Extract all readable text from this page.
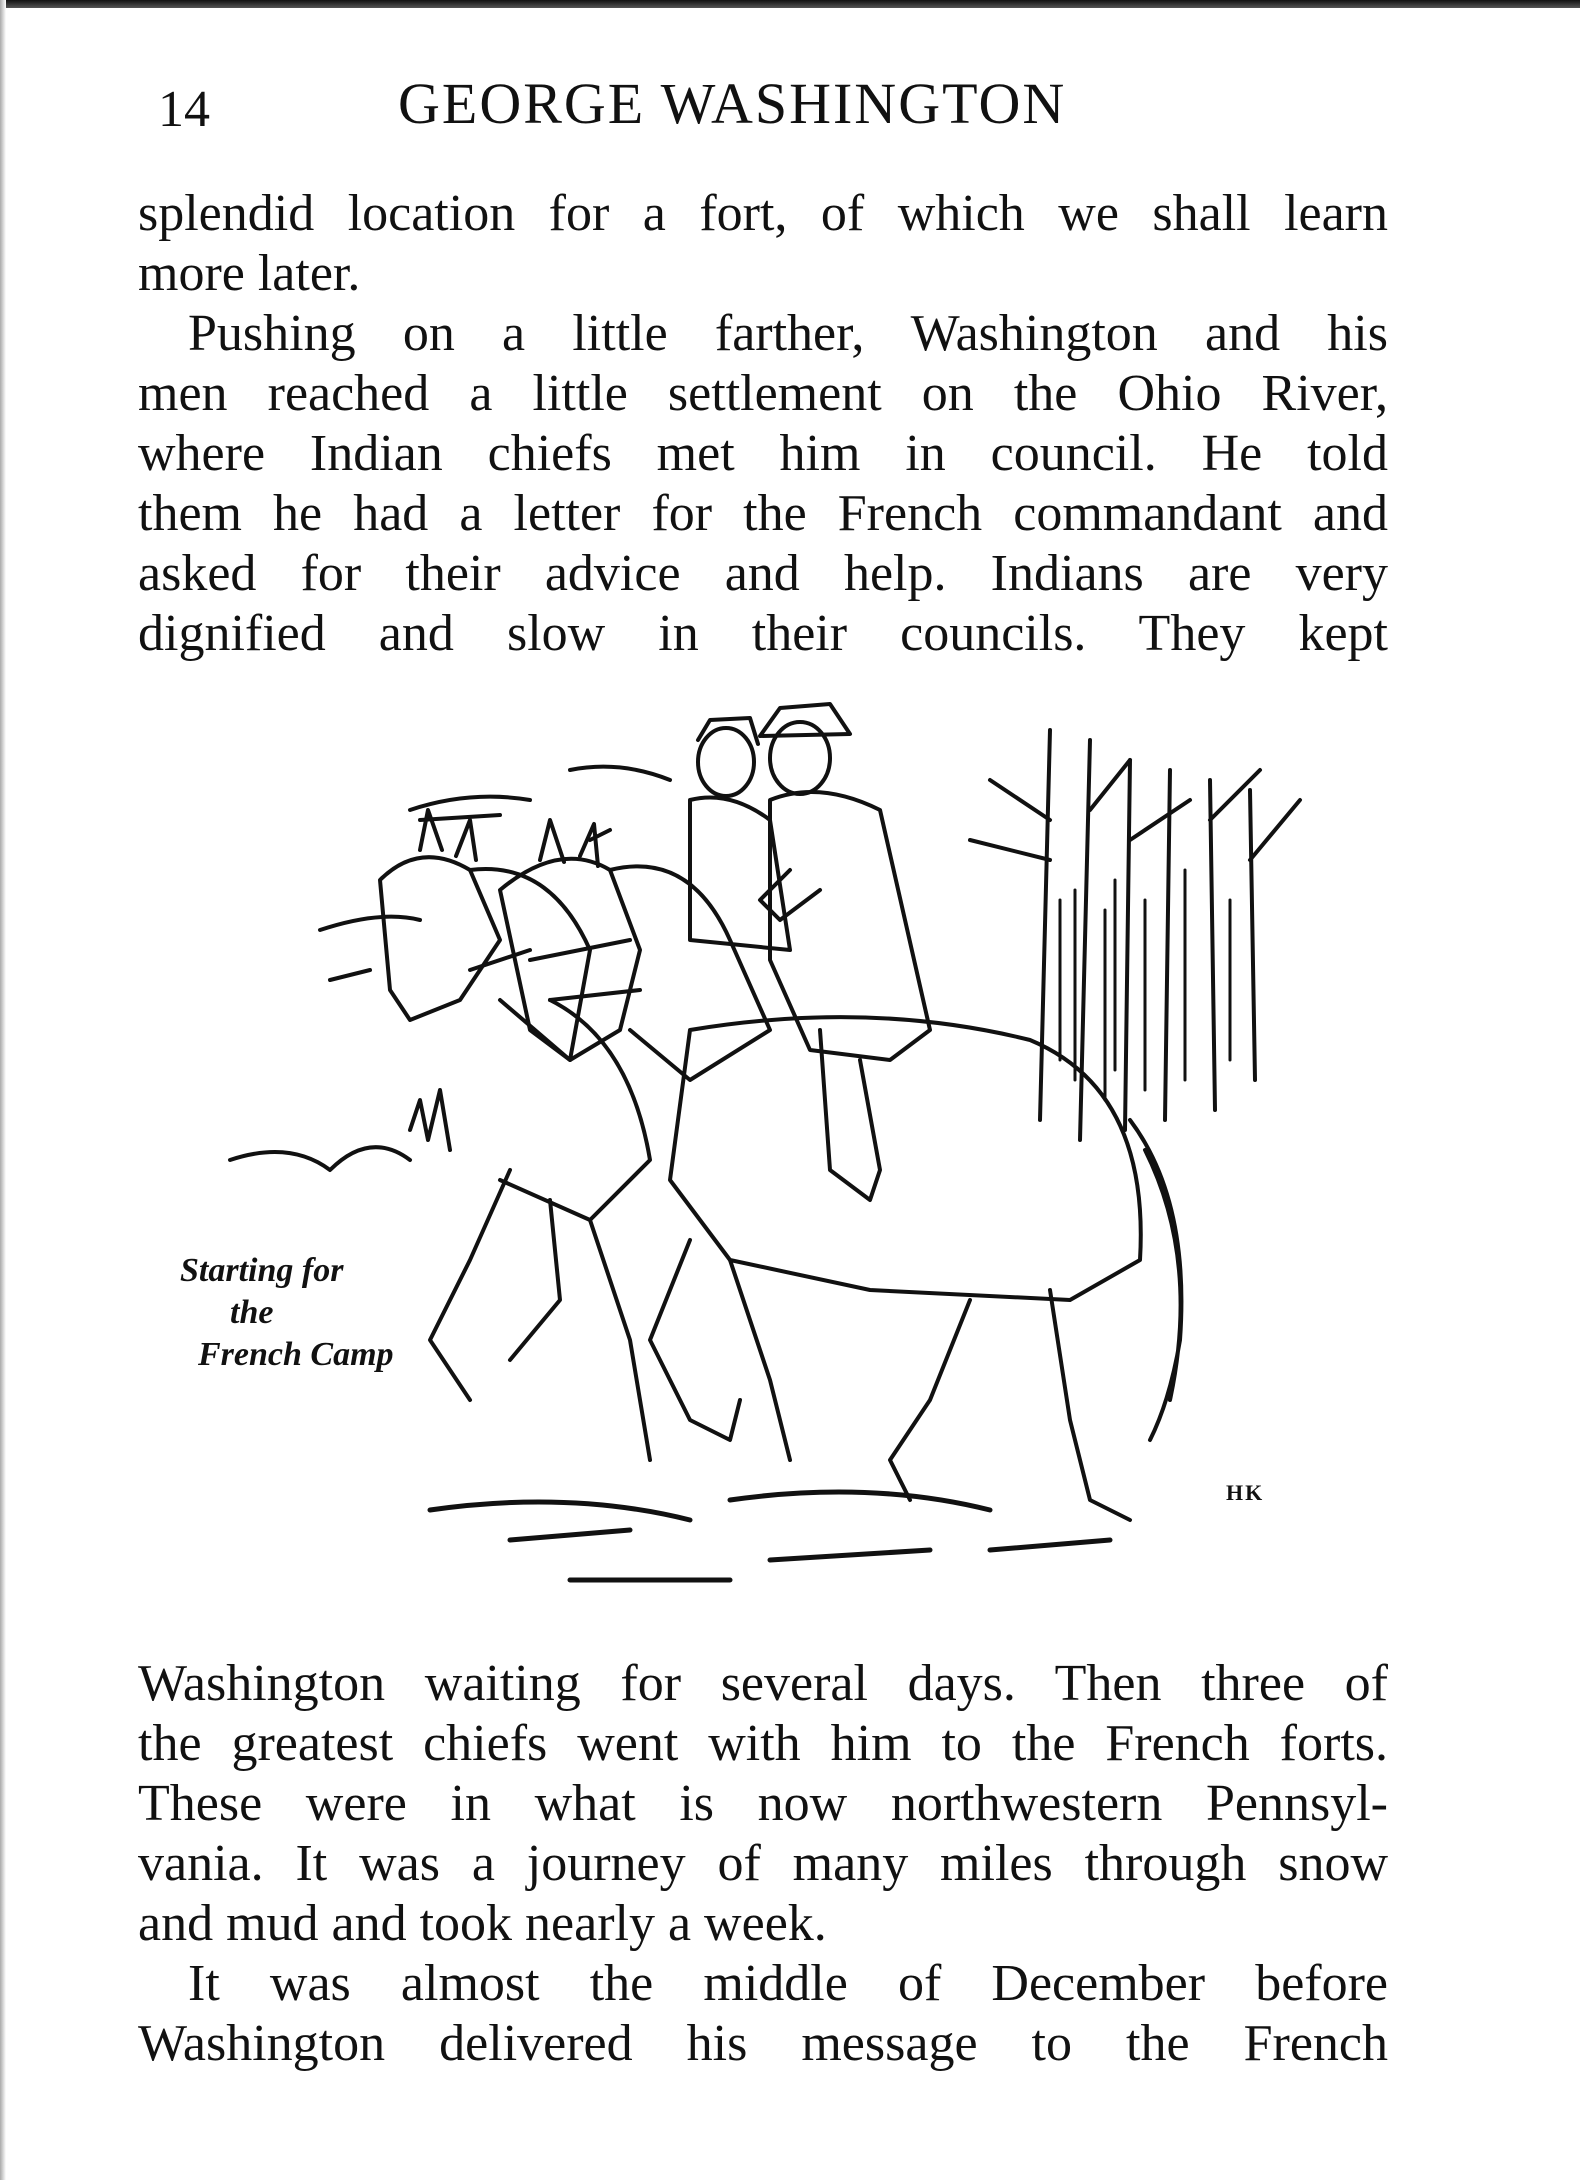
14	GEORGE WASHINGTON
splendid location for a fort, of which we shall learn
more later.
Pushing on a little farther, Washington and his
men reached a little settlement on the Ohio River,
where Indian chiefs met him in council. He told
them he had a letter for the French commandant and
asked for their advice and help. Indians are very
dignified and slow in their councils. They kept
Starting for
the
French Camp
HK
Washington waiting for several days. Then three of
the greatest chiefs went with him to the French forts.
These were in what is now northwestern Pennsyl-
vania. It was a journey of many miles through snow
and mud and took nearly a week.
It was almost the middle of December before
Washington delivered his message to the French
